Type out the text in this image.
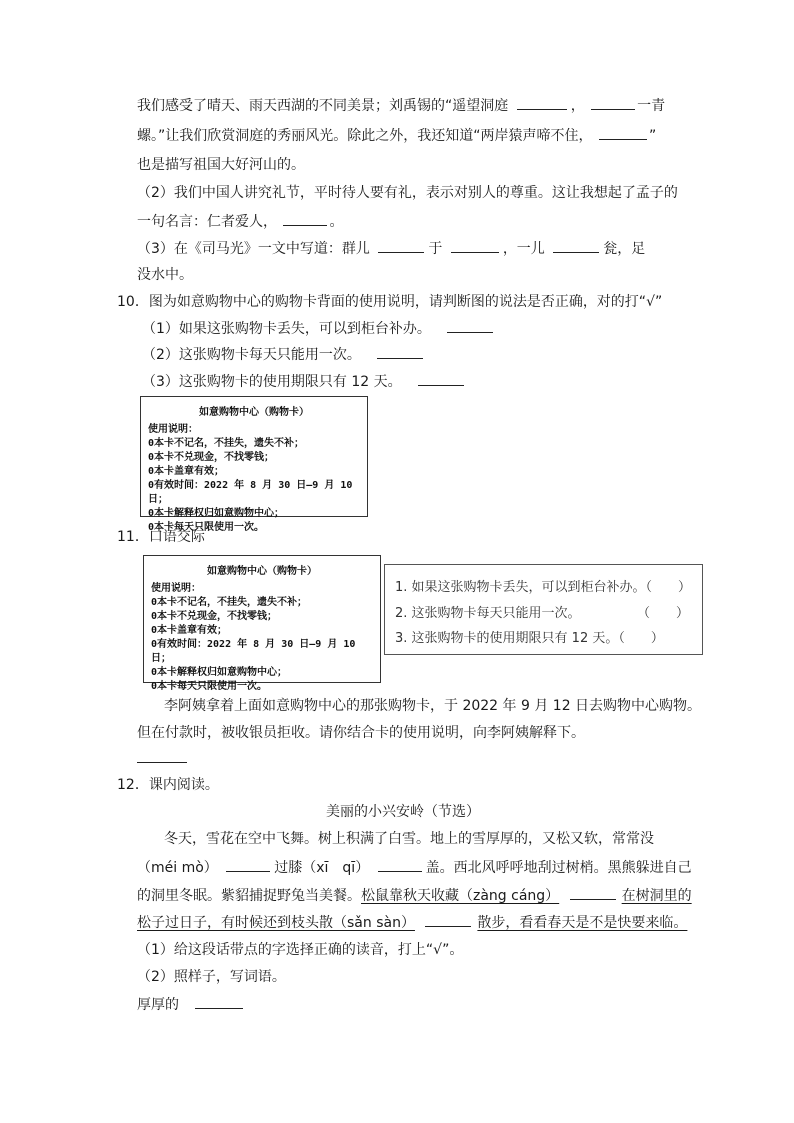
我们感受了晴天、雨天西湖的不同美景；刘禹锡的“遥望洞庭	，	一青
螺。”让我们欣赏洞庭的秀丽风光。除此之外，我还知道“两岸猿声啼不住，	”
也是描写祖国大好河山的。
（2）我们中国人讲究礼节，平时待人要有礼，表示对别人的尊重。这让我想起了孟子的
一句名言：仁者爱人，	。
（3）在《司马光》一文中写道：群儿	于	，一儿	瓮，足
没水中。
10．图为如意购物中心的购物卡背面的使用说明，请判断图的说法是否正确，对的打“√”
（1）如果这张购物卡丢失，可以到柜台补办。
（2）这张购物卡每天只能用一次。
（3）这张购物卡的使用期限只有 12 天。
如意购物中心（购物卡）
使用说明：
0本卡不记名，不挂失，遗失不补；
0本卡不兑现金，不找零钱；
0本卡盖章有效；
0有效时间：2022 年 8 月 30 日—9 月 10 日；
0本卡解释权归如意购物中心；
0本卡每天只限使用一次。
11．口语交际
如意购物中心（购物卡）
使用说明：
0本卡不记名，不挂失，遗失不补；
0本卡不兑现金，不找零钱；
0本卡盖章有效；
0有效时间：2022 年 8 月 30 日—9 月 10 日；
0本卡解释权归如意购物中心；
0本卡每天只限使用一次。
1. 如果这张购物卡丢失，可以到柜台补办。（　　）
2. 这张购物卡每天只能用一次。	（　　）
3. 这张购物卡的使用期限只有 12 天。（　　）
李阿姨拿着上面如意购物中心的那张购物卡，于 2022 年 9 月 12 日去购物中心购物。
但在付款时，被收银员拒收。请你结合卡的使用说明，向李阿姨解释下。
12．课内阅读。
美丽的小兴安岭（节选）
冬天，雪花在空中飞舞。树上积满了白雪。地上的雪厚厚的，又松又软，常常没
（méi mò）	过膝（xī　qī）	盖。西北风呼呼地刮过树梢。黑熊躲进自己
的洞里冬眠。紫貂捕捉野兔当美餐。松鼠靠秋天收藏（zàng cáng）	在树洞里的
松子过日子，有时候还到枝头散（sǎn sàn）	散步，看看春天是不是快要来临。
（1）给这段话带点的字选择正确的读音，打上“√”。
（2）照样子，写词语。
厚厚的
